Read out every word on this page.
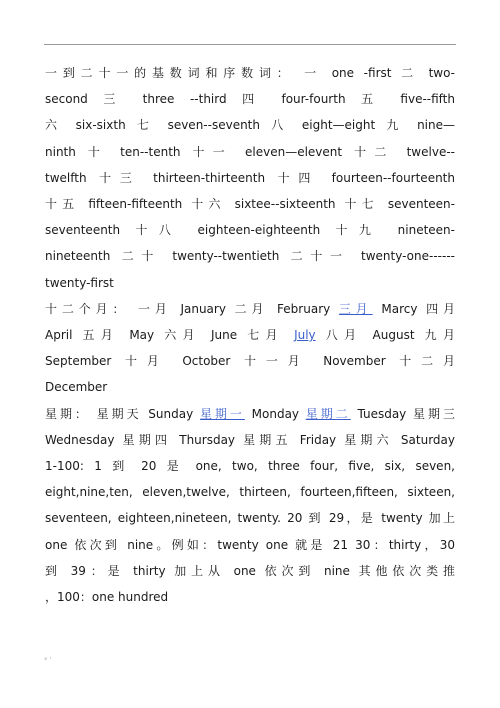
一到二十一的基数词和序数词： 一 one -first 二 two-

second 三 three --third 四 four-fourth 五 five--fifth

六 six-sixth 七 seven--seventh 八 eight—eight 九 nine—

ninth 十 ten--tenth 十一 eleven—elevent 十二 twelve--

twelfth 十三 thirteen-thirteenth 十四 fourteen--fourteenth

十五 fifteen-fifteenth 十六 sixtee--sixteenth 十七 seventeen-

seventeenth 十八 eighteen-eighteenth 十九 nineteen-

nineteenth 二十 twenty--twentieth 二十一 twenty-one------

twenty-first

十二个月： 一月 January 二月 February 三月 Marcy 四月

April 五月 May 六月 June 七月 July 八月 August 九月

September 十月 October 十一月 November 十二月

December

星期： 星期天 Sunday 星期一 Monday 星期二 Tuesday 星期三

Wednesday 星期四 Thursday 星期五 Friday 星期六 Saturday

1-100: 1 到 20 是 one, two, three four, five, six, seven,

eight,nine,ten, eleven,twelve, thirteen, fourteen,fifteen, sixteen,

seventeen, eighteen,nineteen, twenty. 20 到 29，是 twenty 加上

one 依次到 nine。例如：twenty one 就是 21 30：thirty，30

到 39：是 thirty 加上从 one 依次到 nine 其他依次类推

，100：one hundred

* '
